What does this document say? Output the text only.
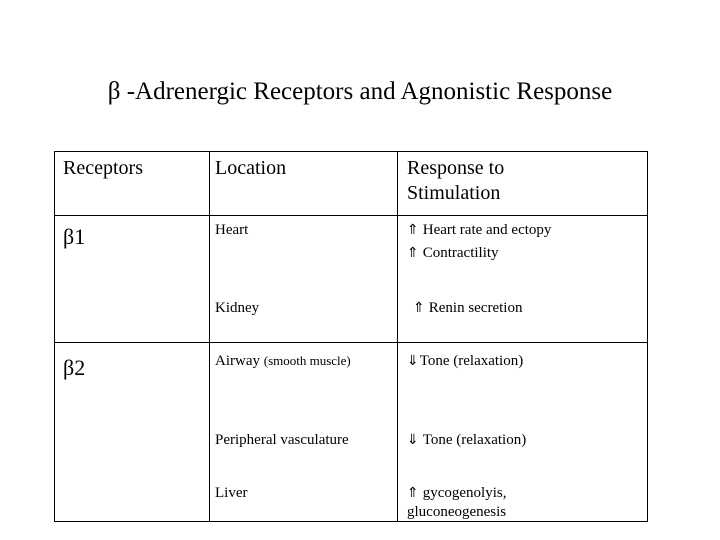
β -Adrenergic Receptors and Agnonistic Response
Receptors	Location	Response to
Stimulation
β1	Heart	⇑ Heart rate and ectopy
⇑ Contractility
Kidney	⇑ Renin secretion
β2	Airway (smooth muscle)	⇓Tone (relaxation)
Peripheral vasculature	⇓ Tone (relaxation)
Liver	⇑ gycogenolyis,
gluconeogenesis
